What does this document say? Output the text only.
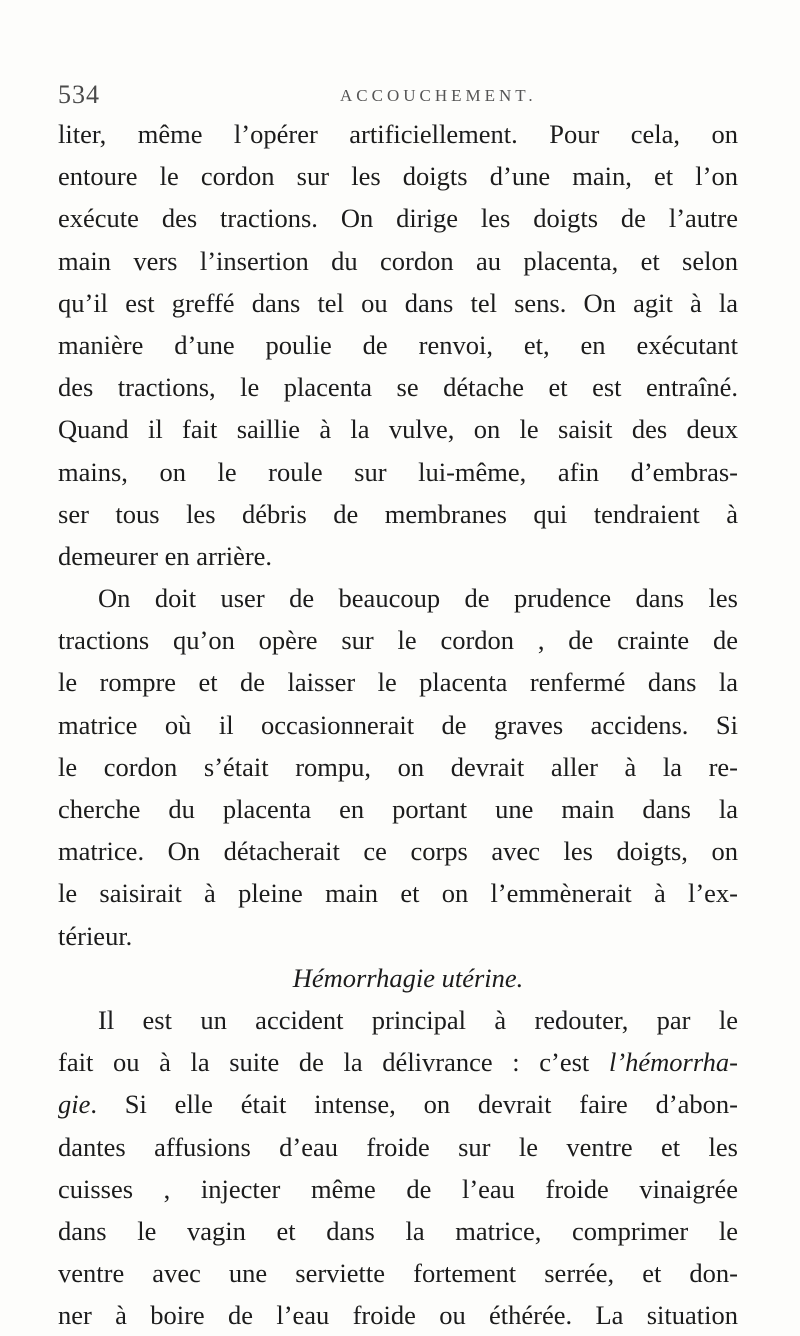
534	ACCOUCHEMENT.
liter, même l’opérer artificiellement. Pour cela, on
entoure le cordon sur les doigts d’une main, et l’on
exécute des tractions. On dirige les doigts de l’autre
main vers l’insertion du cordon au placenta, et selon
qu’il est greffé dans tel ou dans tel sens. On agit à la
manière d’une poulie de renvoi, et, en exécutant
des tractions, le placenta se détache et est entraîné.
Quand il fait saillie à la vulve, on le saisit des deux
mains, on le roule sur lui-même, afin d’embras-
ser tous les débris de membranes qui tendraient à
demeurer en arrière.
On doit user de beaucoup de prudence dans les
tractions qu’on opère sur le cordon , de crainte de
le rompre et de laisser le placenta renfermé dans la
matrice où il occasionnerait de graves accidens. Si
le cordon s’était rompu, on devrait aller à la re-
cherche du placenta en portant une main dans la
matrice. On détacherait ce corps avec les doigts, on
le saisirait à pleine main et on l’emmènerait à l’ex-
térieur.
Hémorrhagie utérine.
Il est un accident principal à redouter, par le
fait ou à la suite de la délivrance : c’est l’hémorrha-
gie. Si elle était intense, on devrait faire d’abon-
dantes affusions d’eau froide sur le ventre et les
cuisses , injecter même de l’eau froide vinaigrée
dans le vagin et dans la matrice, comprimer le
ventre avec une serviette fortement serrée, et don-
ner à boire de l’eau froide ou éthérée. La situation
